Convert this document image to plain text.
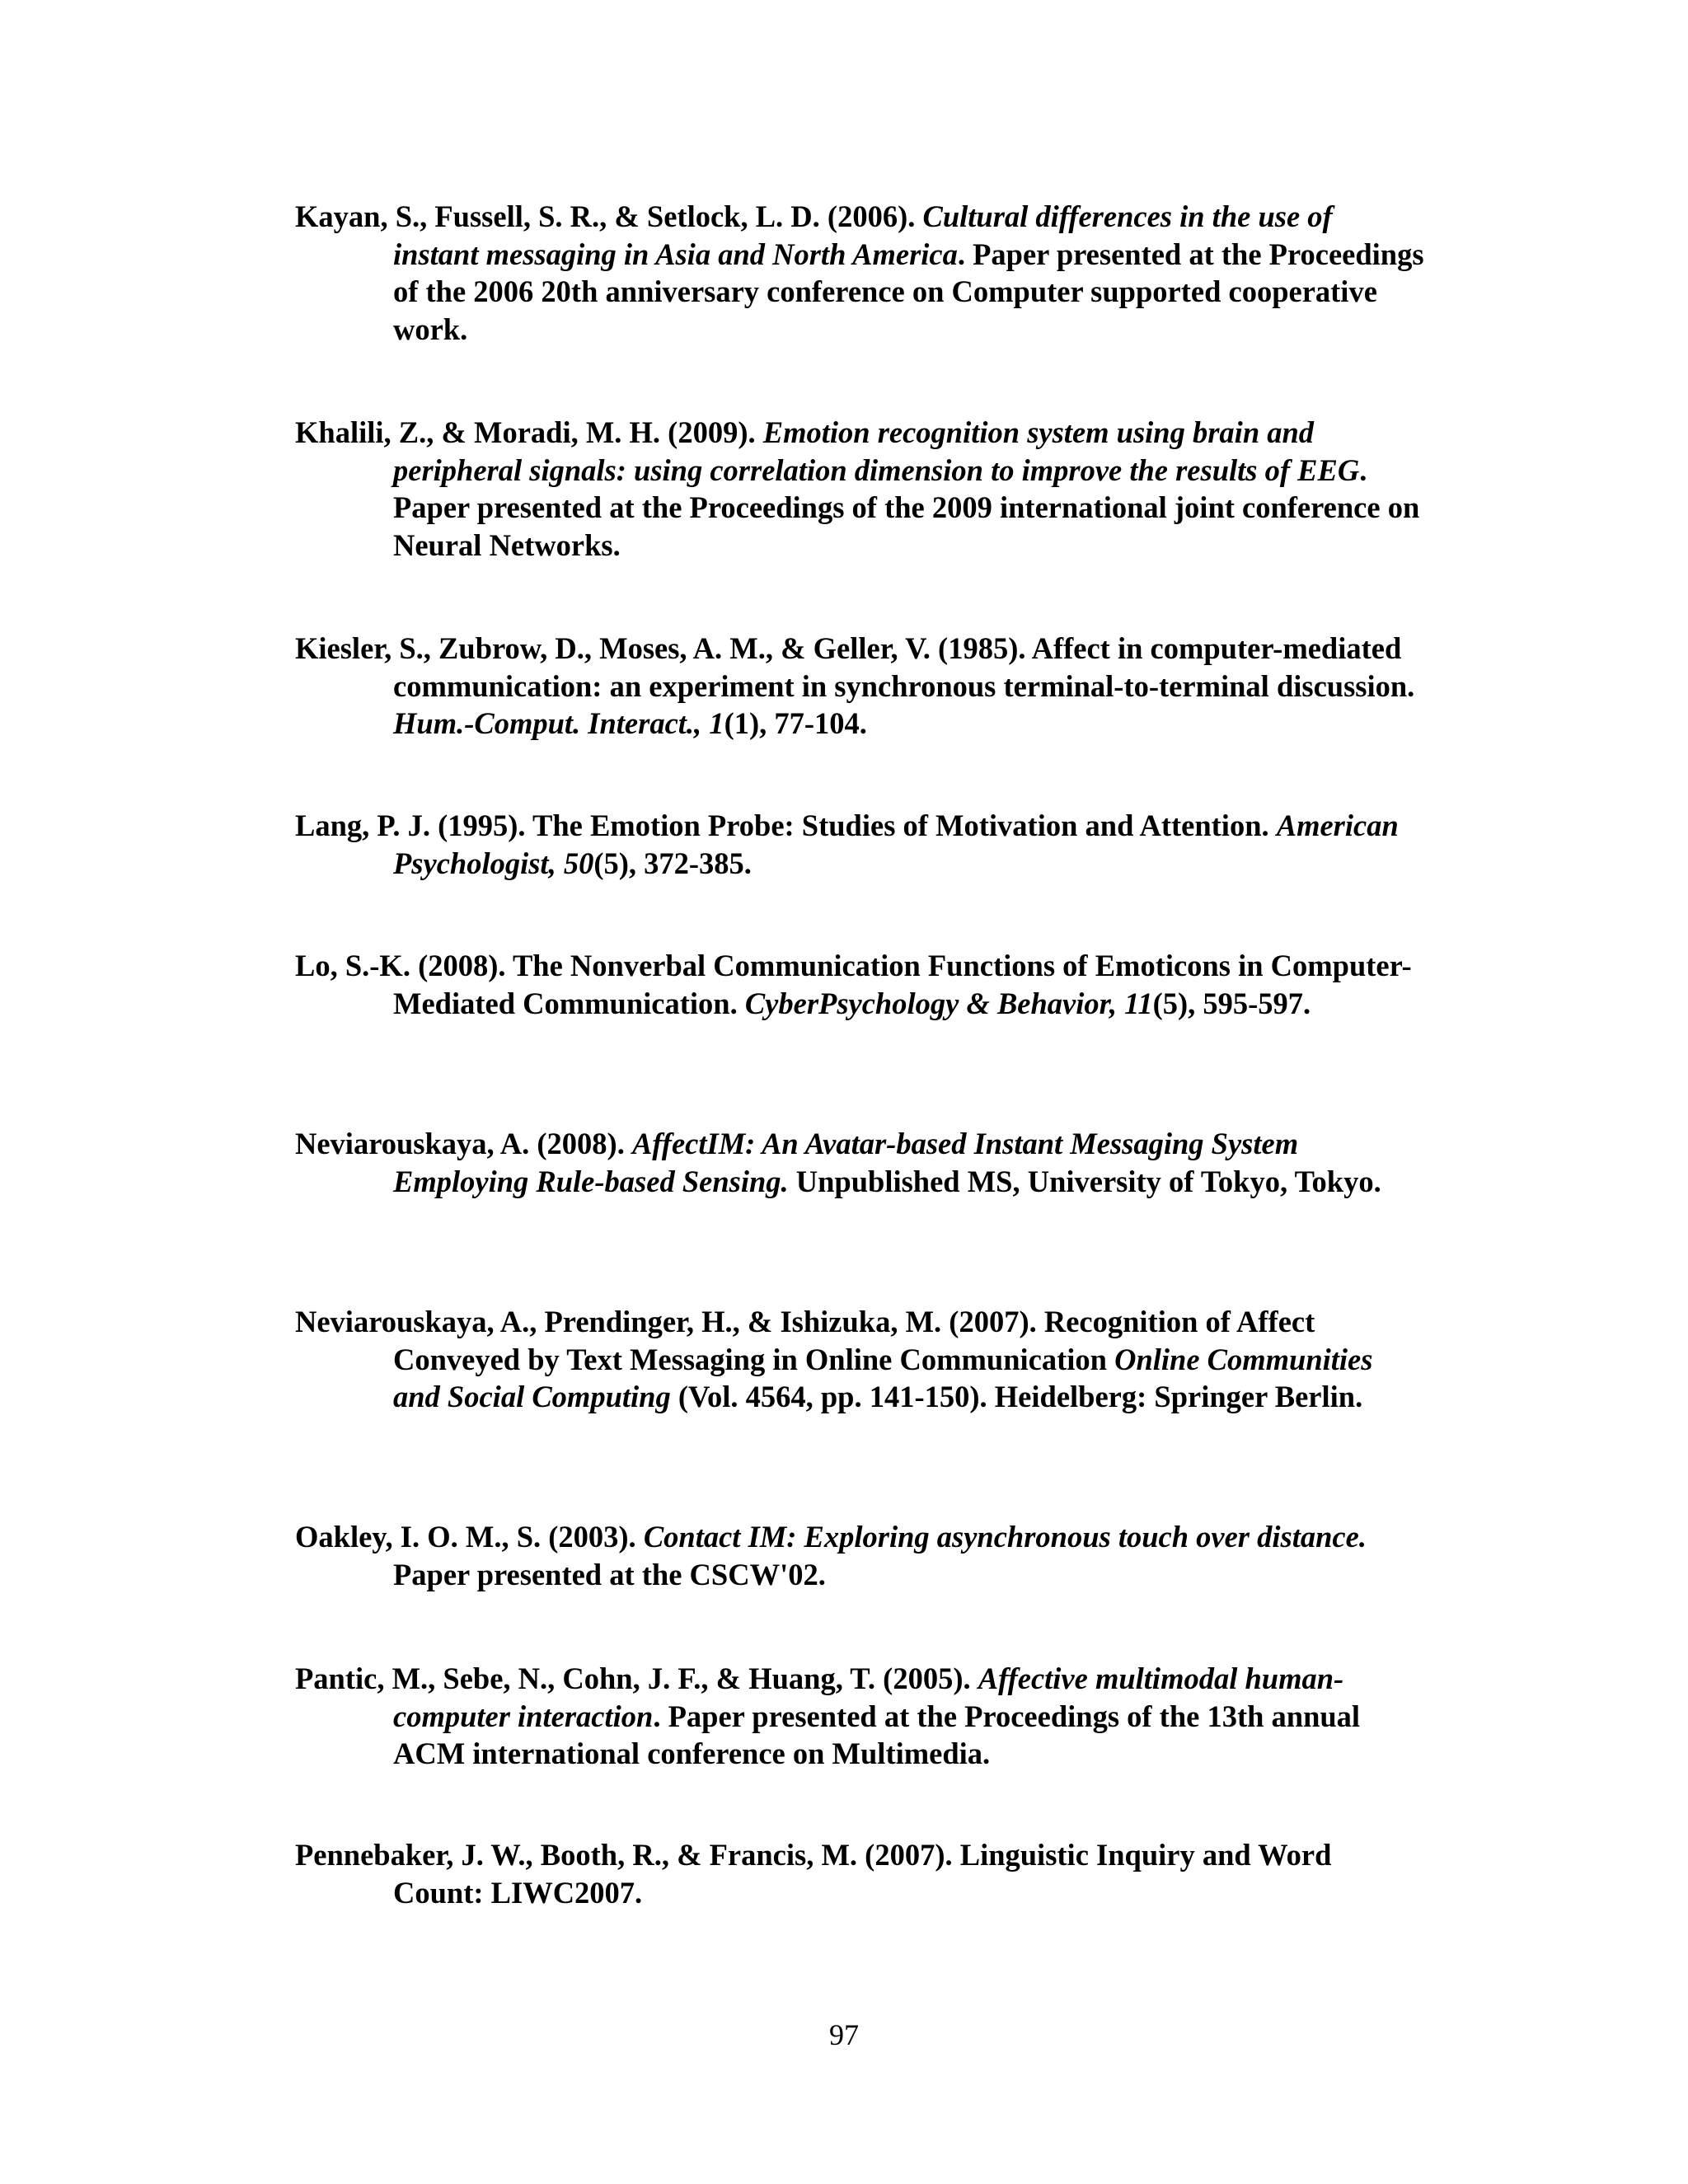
Kayan, S., Fussell, S. R., & Setlock, L. D. (2006). Cultural differences in the use of instant messaging in Asia and North America. Paper presented at the Proceedings of the 2006 20th anniversary conference on Computer supported cooperative work.
Khalili, Z., & Moradi, M. H. (2009). Emotion recognition system using brain and peripheral signals: using correlation dimension to improve the results of EEG. Paper presented at the Proceedings of the 2009 international joint conference on Neural Networks.
Kiesler, S., Zubrow, D., Moses, A. M., & Geller, V. (1985). Affect in computer-mediated communication: an experiment in synchronous terminal-to-terminal discussion. Hum.-Comput. Interact., 1(1), 77-104.
Lang, P. J. (1995). The Emotion Probe: Studies of Motivation and Attention. American Psychologist, 50(5), 372-385.
Lo, S.-K. (2008). The Nonverbal Communication Functions of Emoticons in Computer-Mediated Communication. CyberPsychology & Behavior, 11(5), 595-597.
Neviarouskaya, A. (2008). AffectIM: An Avatar-based Instant Messaging System Employing Rule-based Sensing. Unpublished MS, University of Tokyo, Tokyo.
Neviarouskaya, A., Prendinger, H., & Ishizuka, M. (2007). Recognition of Affect Conveyed by Text Messaging in Online Communication Online Communities and Social Computing (Vol. 4564, pp. 141-150). Heidelberg: Springer Berlin.
Oakley, I. O. M., S. (2003). Contact IM: Exploring asynchronous touch over distance. Paper presented at the CSCW'02.
Pantic, M., Sebe, N., Cohn, J. F., & Huang, T. (2005). Affective multimodal human-computer interaction. Paper presented at the Proceedings of the 13th annual ACM international conference on Multimedia.
Pennebaker, J. W., Booth, R., & Francis, M. (2007). Linguistic Inquiry and Word Count: LIWC2007.
97
